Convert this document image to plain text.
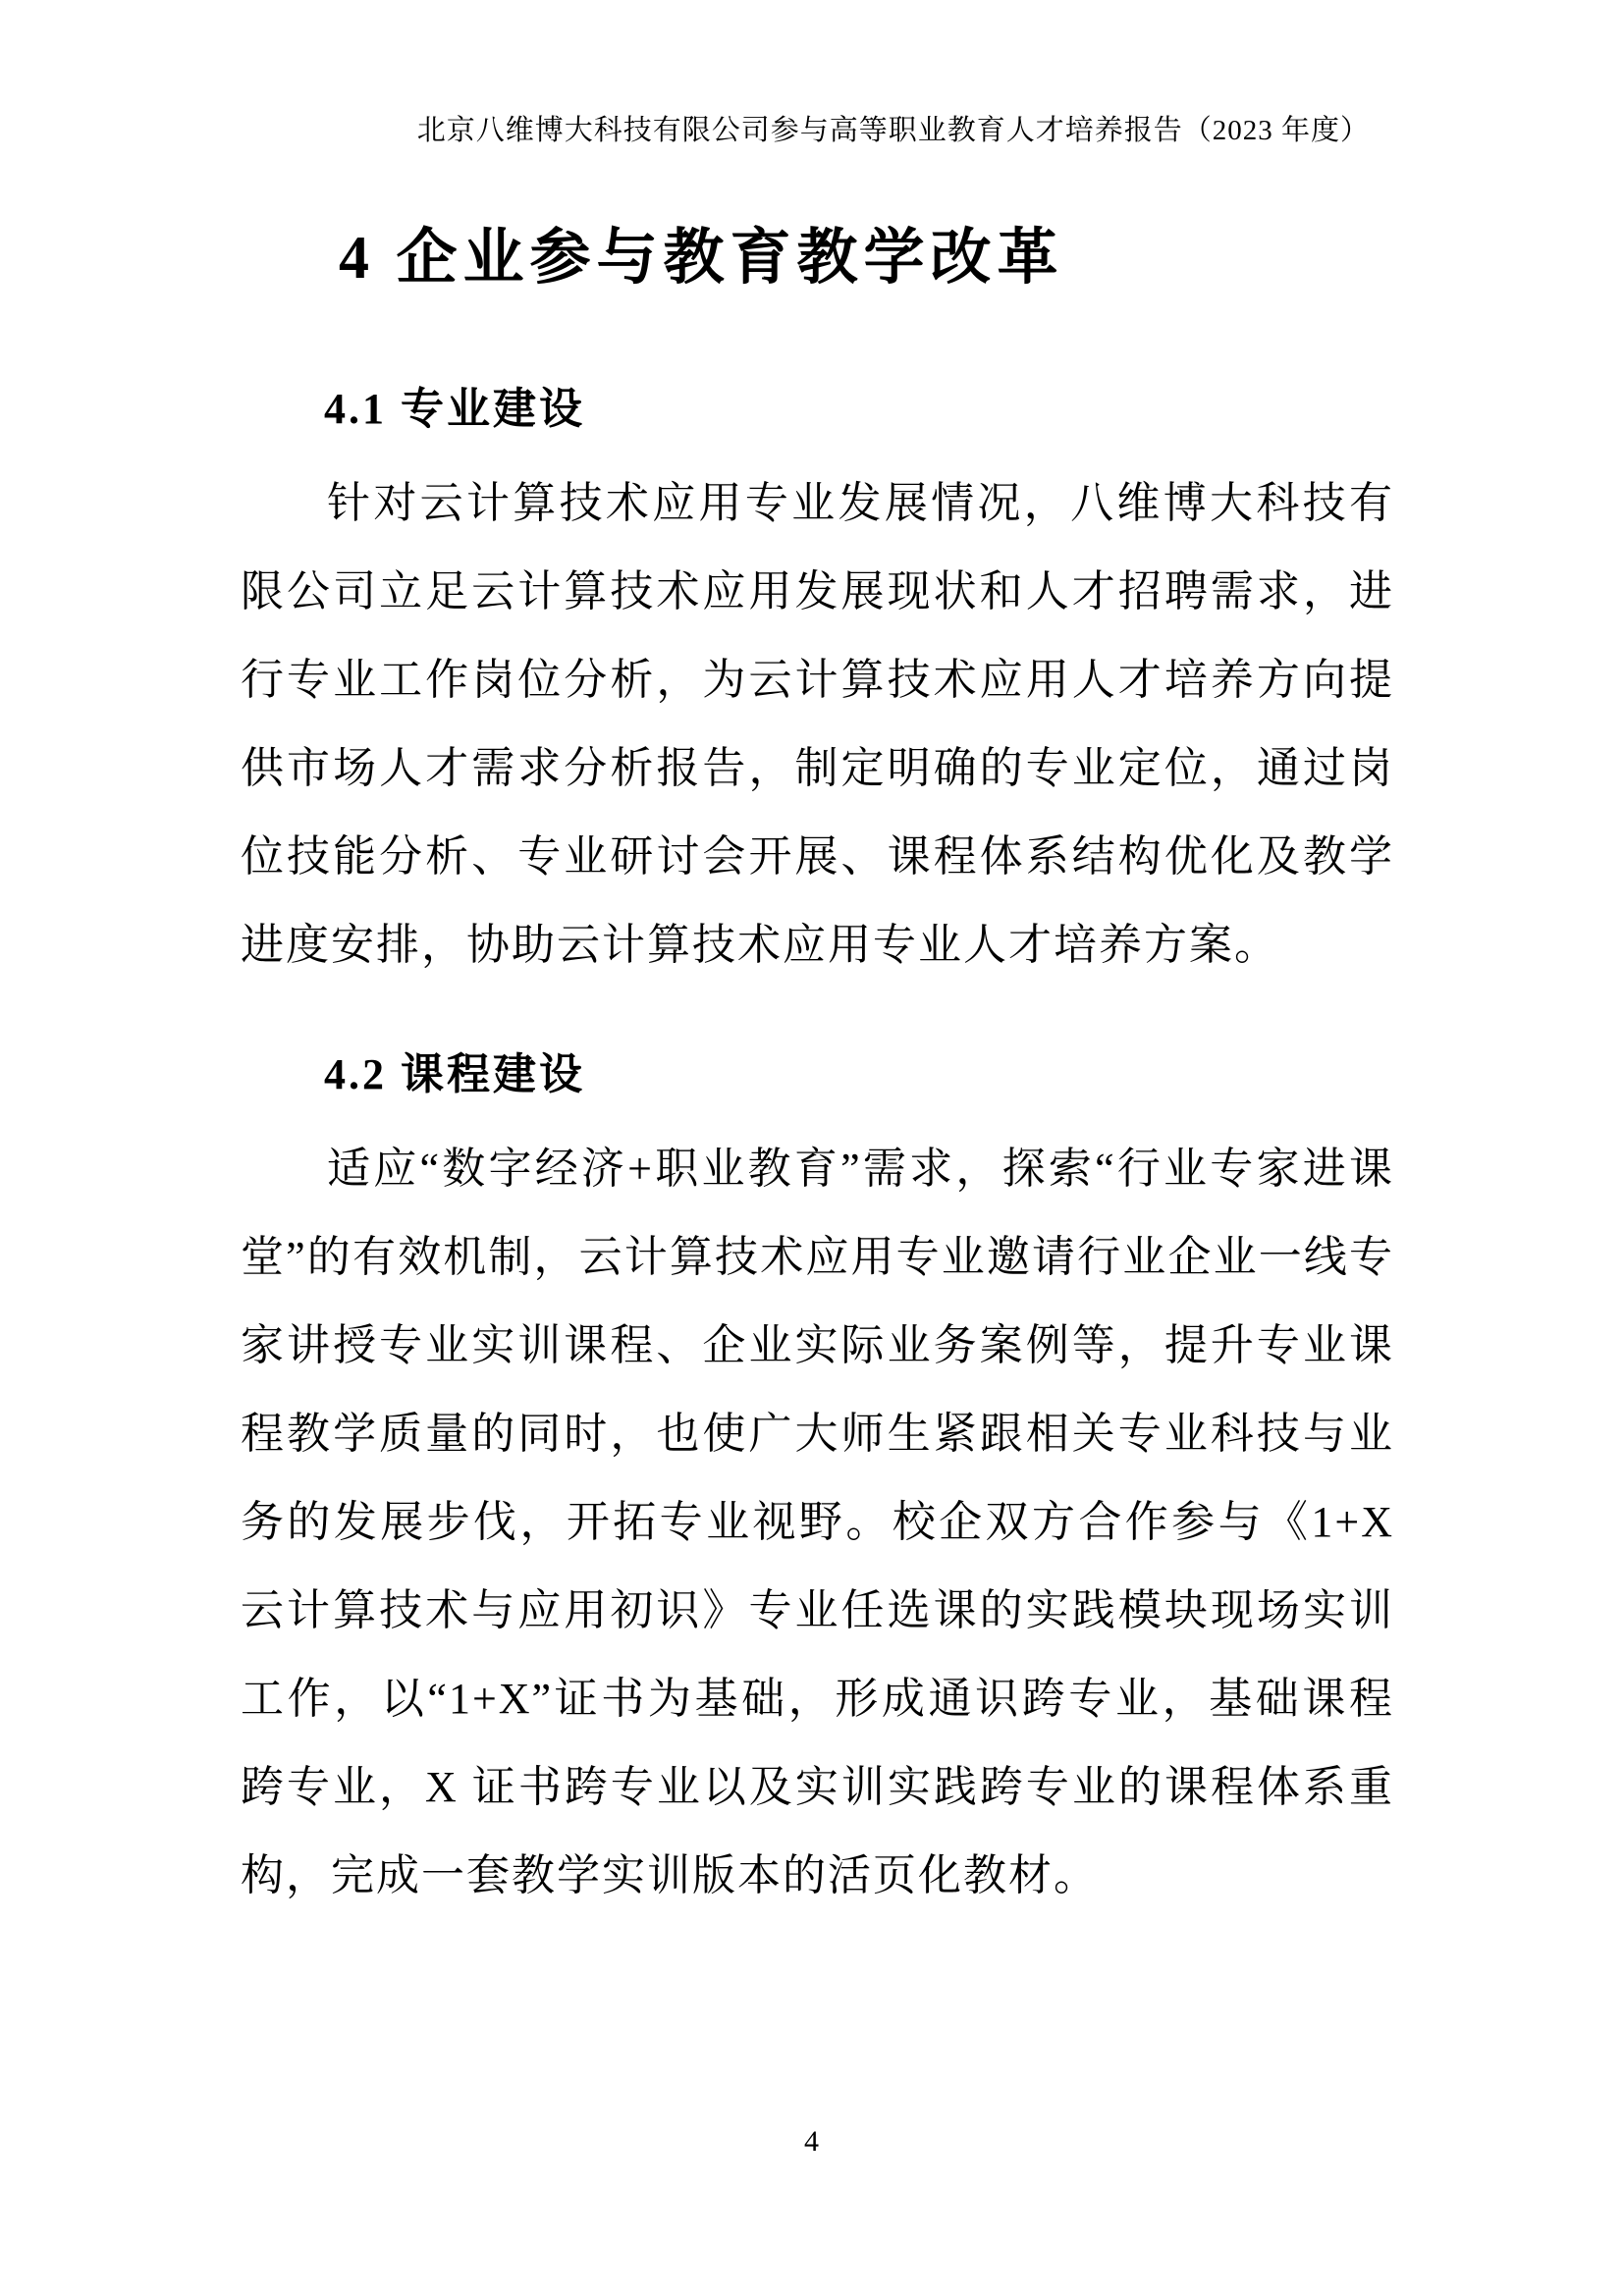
北京八维博大科技有限公司参与高等职业教育人才培养报告（2023 年度）
4 企业参与教育教学改革
4.1 专业建设

针对云计算技术应用专业发展情况，八维博大科技有限公司立足云计算技术应用发展现状和人才招聘需求，进行专业工作岗位分析，为云计算技术应用人才培养方向提供市场人才需求分析报告，制定明确的专业定位，通过岗位技能分析、专业研讨会开展、课程体系结构优化及教学进度安排，协助云计算技术应用专业人才培养方案。

4.2 课程建设

适应“数字经济+职业教育”需求，探索“行业专家进课堂”的有效机制，云计算技术应用专业邀请行业企业一线专家讲授专业实训课程、企业实际业务案例等，提升专业课程教学质量的同时，也使广大师生紧跟相关专业科技与业务的发展步伐，开拓专业视野。校企双方合作参与《1+X 云计算技术与应用初识》专业任选课的实践模块现场实训工作，以“1+X”证书为基础，形成通识跨专业，基础课程跨专业，X 证书跨专业以及实训实践跨专业的课程体系重构，完成一套教学实训版本的活页化教材。

4
